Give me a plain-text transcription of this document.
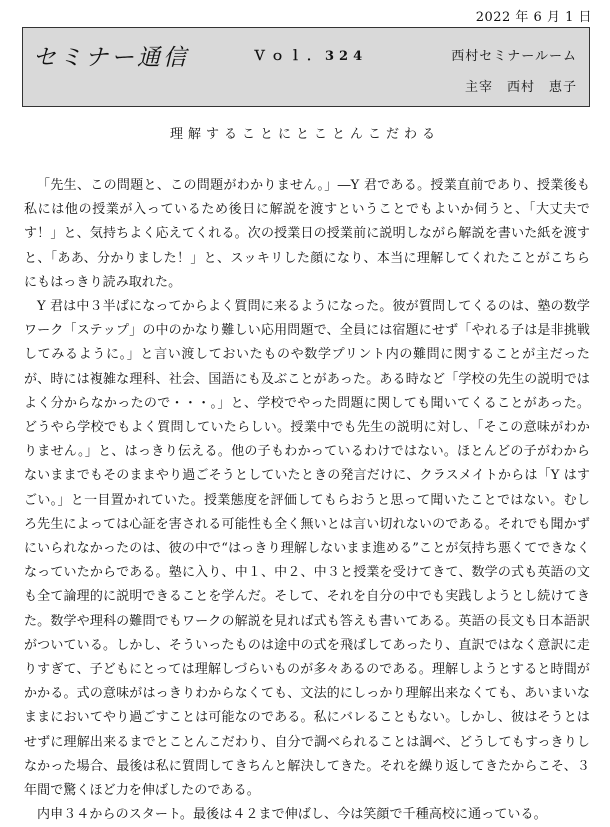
2022 年 6 月 1 日
セミナー通信	Ｖｏｌ．324	西村セミナールーム
主宰　西村　恵子
理解することにとことんこだわる

「先生、この問題と、この問題がわかりません。」―Y 君である。授業直前であり、授業後も私には他の授業が入っているため後日に解説を渡すということでもよいか伺うと、「大丈夫です！」と、気持ちよく応えてくれる。次の授業日の授業前に説明しながら解説を書いた紙を渡すと、「ああ、分かりました！」と、スッキリした顔になり、本当に理解してくれたことがこちらにもはっきり読み取れた。

Y 君は中３半ばになってからよく質問に来るようになった。彼が質問してくるのは、塾の数学ワーク「ステップ」の中のかなり難しい応用問題で、全員には宿題にせず「やれる子は是非挑戦してみるように。」と言い渡しておいたものや数学プリント内の難問に関することが主だったが、時には複雑な理科、社会、国語にも及ぶことがあった。ある時など「学校の先生の説明ではよく分からなかったので・・・。」と、学校でやった問題に関しても聞いてくることがあった。どうやら学校でもよく質問していたらしい。授業中でも先生の説明に対し、「そこの意味がわかりません。」と、はっきり伝える。他の子もわかっているわけではない。ほとんどの子がわからないままでもそのままやり過ごそうとしていたときの発言だけに、クラスメイトからは「Y はすごい。」と一目置かれていた。授業態度を評価してもらおうと思って聞いたことではない。むしろ先生によっては心証を害される可能性も全く無いとは言い切れないのである。それでも聞かずにいられなかったのは、彼の中で“はっきり理解しないまま進める”ことが気持ち悪くてできなくなっていたからである。塾に入り、中１、中２、中３と授業を受けてきて、数学の式も英語の文も全て論理的に説明できることを学んだ。そして、それを自分の中でも実践しようとし続けてきた。数学や理科の難問でもワークの解説を見れば式も答えも書いてある。英語の長文も日本語訳がついている。しかし、そういったものは途中の式を飛ばしてあったり、直訳ではなく意訳に走りすぎて、子どもにとっては理解しづらいものが多々あるのである。理解しようとすると時間がかかる。式の意味がはっきりわからなくても、文法的にしっかり理解出来なくても、あいまいなままにおいてやり過ごすことは可能なのである。私にバレることもない。しかし、彼はそうとはせずに理解出来るまでとことんこだわり、自分で調べられることは調べ、どうしてもすっきりしなかった場合、最後は私に質問してきちんと解決してきた。それを繰り返してきたからこそ、３年間で驚くほど力を伸ばしたのである。

内申３４からのスタート。最後は４２まで伸ばし、今は笑顔で千種高校に通っている。
